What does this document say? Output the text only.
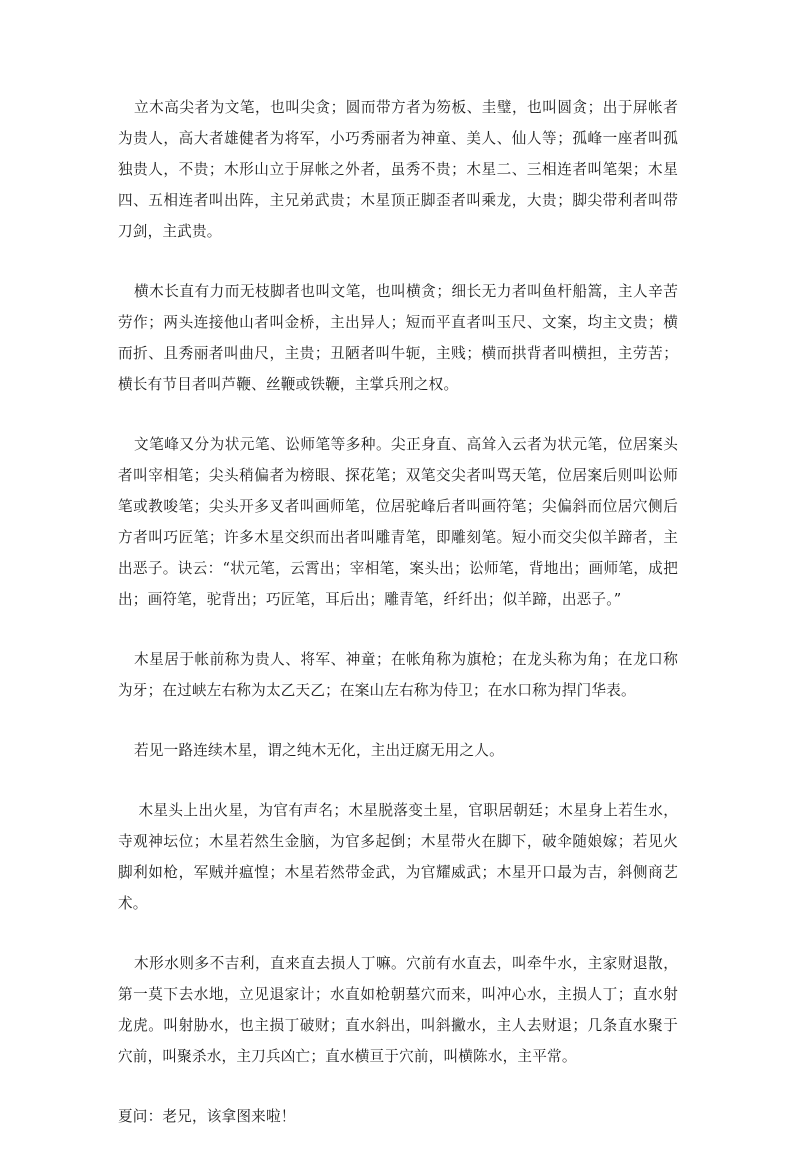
立木高尖者为文笔，也叫尖贪；圆而带方者为笏板、圭璧，也叫圆贪；出于屏帐者为贵人，高大者雄健者为将军，小巧秀丽者为神童、美人、仙人等；孤峰一座者叫孤独贵人，不贵；木形山立于屏帐之外者，虽秀不贵；木星二、三相连者叫笔架；木星四、五相连者叫出阵，主兄弟武贵；木星顶正脚歪者叫乘龙，大贵；脚尖带利者叫带刀剑，主武贵。

横木长直有力而无枝脚者也叫文笔，也叫横贪；细长无力者叫鱼杆船篙，主人辛苦劳作；两头连接他山者叫金桥，主出异人；短而平直者叫玉尺、文案，均主文贵；横而折、且秀丽者叫曲尺，主贵；丑陋者叫牛轭，主贱；横而拱背者叫横担，主劳苦；横长有节目者叫芦鞭、丝鞭或铁鞭，主掌兵刑之权。

文笔峰又分为状元笔、讼师笔等多种。尖正身直、高耸入云者为状元笔，位居案头者叫宰相笔；尖头稍偏者为榜眼、探花笔；双笔交尖者叫骂天笔，位居案后则叫讼师笔或教唆笔；尖头开多叉者叫画师笔，位居驼峰后者叫画符笔；尖偏斜而位居穴侧后方者叫巧匠笔；许多木星交织而出者叫雕青笔，即雕刻笔。短小而交尖似羊蹄者，主出恶子。诀云：“状元笔，云霄出；宰相笔，案头出；讼师笔，背地出；画师笔，成把出；画符笔，驼背出；巧匠笔，耳后出；雕青笔，纤纤出；似羊蹄，出恶子。”

木星居于帐前称为贵人、将军、神童；在帐角称为旗枪；在龙头称为角；在龙口称为牙；在过峡左右称为太乙天乙；在案山左右称为侍卫；在水口称为捍门华表。

若见一路连续木星，谓之纯木无化，主出迂腐无用之人。

木星头上出火星，为官有声名；木星脱落变土星，官职居朝廷；木星身上若生水，寺观神坛位；木星若然生金脑，为官多起倒；木星带火在脚下，破伞随娘嫁；若见火脚利如枪，军贼并瘟惶；木星若然带金武，为官耀威武；木星开口最为吉，斜侧商艺术。

木形水则多不吉利，直来直去损人丁嘛。穴前有水直去，叫牵牛水，主家财退散，第一莫下去水地，立见退家计；水直如枪朝墓穴而来，叫冲心水，主损人丁；直水射龙虎。叫射胁水，也主损丁破财；直水斜出，叫斜撇水，主人去财退；几条直水聚于穴前，叫聚杀水，主刀兵凶亡；直水横亘于穴前，叫横陈水，主平常。

夏问：老兄，该拿图来啦！
